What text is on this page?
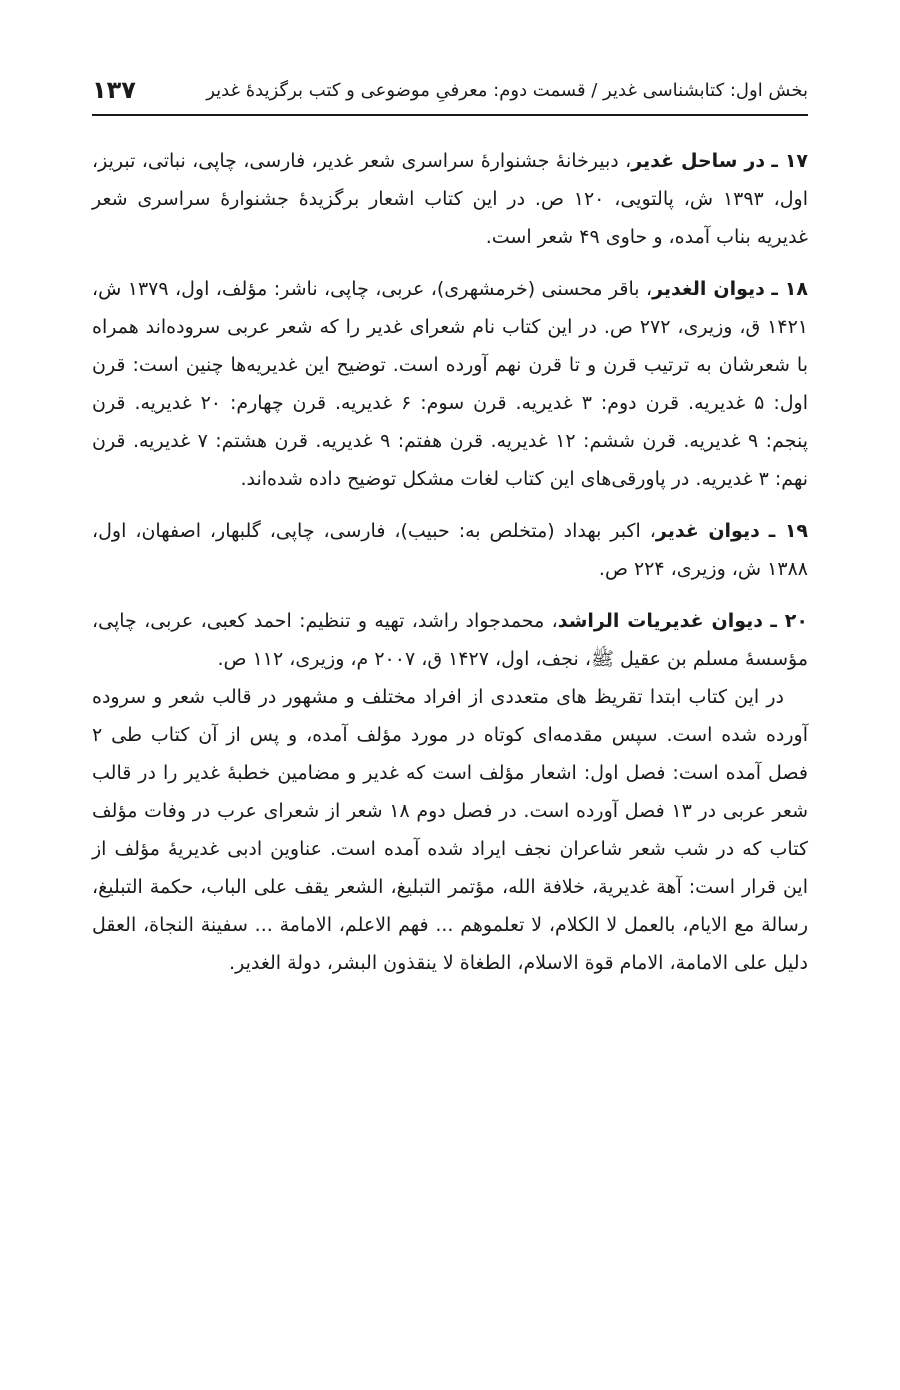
بخش اول: کتابشناسی غدیر / قسمت دوم: معرفیِ موضوعی و کتب برگزیدهٔ غدیر
۱۳۷

۱۷ ـ در ساحل غدیر، دبیرخانهٔ جشنوارهٔ سراسری شعر غدیر، فارسی، چاپی، نباتی، تبریز، اول، ۱۳۹۳ ش، پالتویی، ۱۲۰ ص. در این کتاب اشعار برگزیدهٔ جشنوارهٔ سراسری شعر غدیریه بناب آمده، و حاوی ۴۹ شعر است.

۱۸ ـ دیوان الغدیر، باقر محسنی (خرمشهری)، عربی، چاپی، ناشر: مؤلف، اول، ۱۳۷۹ ش، ۱۴۲۱ ق، وزیری، ۲۷۲ ص. در این کتاب نام شعرای غدیر را که شعر عربی سروده‌اند همراه با شعرشان به ترتیب قرن و تا قرن نهم آورده است. توضیح این غدیریه‌ها چنین است: قرن اول: ۵ غدیریه. قرن دوم: ۳ غدیریه. قرن سوم: ۶ غدیریه. قرن چهارم: ۲۰ غدیریه. قرن پنجم: ۹ غدیریه. قرن ششم: ۱۲ غدیریه. قرن هفتم: ۹ غدیریه. قرن هشتم: ۷ غدیریه. قرن نهم: ۳ غدیریه. در پاورقی‌های این کتاب لغات مشکل توضیح داده شده‌اند.

۱۹ ـ دیوان غدیر، اکبر بهداد (متخلص به: حبیب)، فارسی، چاپی، گلبهار، اصفهان، اول، ۱۳۸۸ ش، وزیری، ۲۲۴ ص.

۲۰ ـ دیوان غدیریات الراشد، محمدجواد راشد، تهیه و تنظیم: احمد کعبی، عربی، چاپی، مؤسسهٔ مسلم بن عقیل ﷺ، نجف، اول، ۱۴۲۷ ق، ۲۰۰۷ م، وزیری، ۱۱۲ ص.

در این کتاب ابتدا تقریظ های متعددی از افراد مختلف و مشهور در قالب شعر و سروده آورده شده است. سپس مقدمه‌ای کوتاه در مورد مؤلف آمده، و پس از آن کتاب طی ۲ فصل آمده است: فصل اول: اشعار مؤلف است که غدیر و مضامین خطبهٔ غدیر را در قالب شعر عربی در ۱۳ فصل آورده است. در فصل دوم ۱۸ شعر از شعرای عرب در وفات مؤلف کتاب که در شب شعر شاعران نجف ایراد شده آمده است. عناوین ادبی غدیریهٔ مؤلف از این قرار است: آهة غدیریة، خلافة الله، مؤتمر التبلیغ، الشعر یقف علی الباب، حکمة التبلیغ، رسالة مع الایام، بالعمل لا الکلام، لا تعلموهم ... فهم الاعلم، الامامة ... سفینة النجاة، العقل دلیل علی الامامة، الامام قوة الاسلام، الطغاة لا ینقذون البشر، دولة الغدیر.
